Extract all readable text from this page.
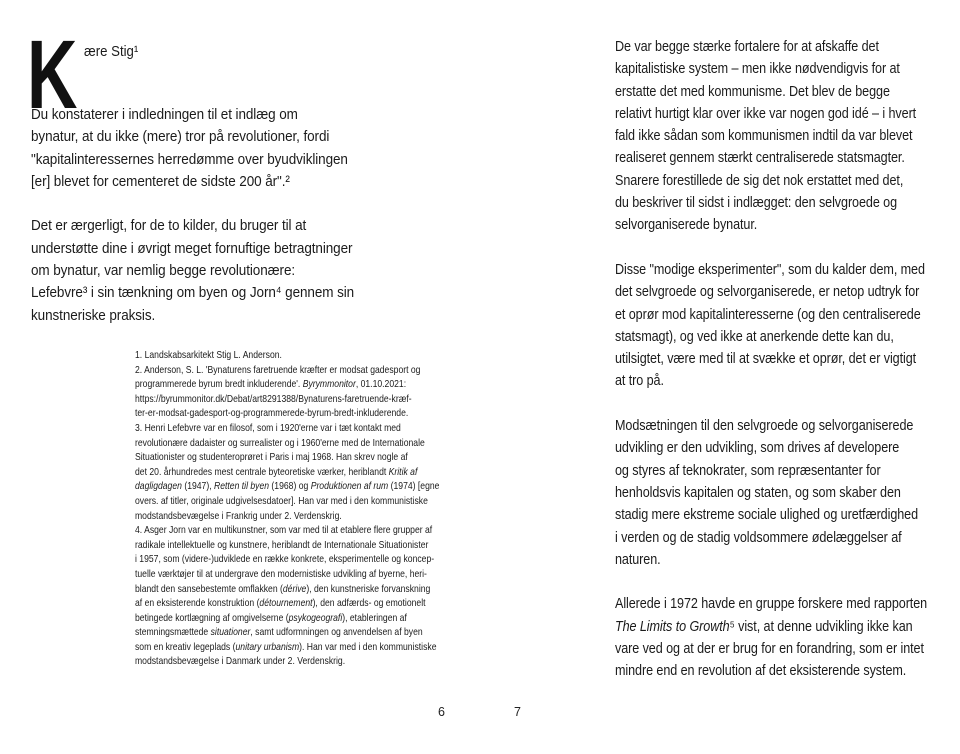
K ære Stig¹
Du konstaterer i indledningen til et indlæg om
bynatur, at du ikke (mere) tror på revolutioner, fordi
"kapitalinteressernes herredømme over byudviklingen
[er] blevet for cementeret de sidste 200 år".²
Det er ærgerligt, for de to kilder, du bruger til at
understøtte dine i øvrigt meget fornuftige betragtninger
om bynatur, var nemlig begge revolutionære:
Lefebvre³ i sin tænkning om byen og Jorn⁴ gennem sin
kunstneriske praksis.
1. Landskabsarkitekt Stig L. Anderson.
2. Anderson, S. L. 'Bynaturens faretruende kræfter er modsat gadesport og
programmerede byrum bredt inkluderende'. Byrymmonitor, 01.10.2021:
https://byrummonitor.dk/Debat/art8291388/Bynaturens-faretruende-kræf-
ter-er-modsat-gadesport-og-programmerede-byrum-bredt-inkluderende.
3. Henri Lefebvre var en filosof, som i 1920'erne var i tæt kontakt med
revolutionære dadaister og surrealister og i 1960'erne med de Internationale
Situationister og studenteroprøret i Paris i maj 1968. Han skrev nogle af
det 20. århundredes mest centrale byteoretiske værker, heriblandt Kritik af
dagligdagen (1947), Retten til byen (1968) og Produktionen af rum (1974) [egne
overs. af titler, originale udgivelsesdatoer]. Han var med i den kommunistiske
modstandsbevægelse i Frankrig under 2. Verdenskrig.
4. Asger Jorn var en multikunstner, som var med til at etablere flere grupper af
radikale intellektuelle og kunstnere, heriblandt de Internationale Situationister
i 1957, som (videre-)udviklede en række konkrete, eksperimentelle og koncep-
tuelle værktøjer til at undergrave den modernistiske udvikling af byerne, heri-
blandt den sansebestemte omflakken (dérive), den kunstneriske forvanskning
af en eksisterende konstruktion (détournement), den adfærds- og emotionelt
betingede kortlægning af omgivelserne (psykogeografi), etableringen af
stemningsmættede situationer, samt udformningen og anvendelsen af byen
som en kreativ legeplads (unitary urbanism). Han var med i den kommunistiske
modstandsbevægelse i Danmark under 2. Verdenskrig.
De var begge stærke fortalere for at afskaffe det
kapitalistiske system – men ikke nødvendigvis for at
erstatte det med kommunisme. Det blev de begge
relativt hurtigt klar over ikke var nogen god idé – i hvert
fald ikke sådan som kommunismen indtil da var blevet
realiseret gennem stærkt centraliserede statsmagter.
Snarere forestillede de sig det nok erstattet med det,
du beskriver til sidst i indlægget: den selvgroede og
selvorganiserede bynatur.
Disse "modige eksperimenter", som du kalder dem, med
det selvgroede og selvorganiserede, er netop udtryk for
et oprør mod kapitalinteresserne (og den centraliserede
statsmagt), og ved ikke at anerkende dette kan du,
utilsigtet, være med til at svække et oprør, det er vigtigt
at tro på.
Modsætningen til den selvgroede og selvorganiserede
udvikling er den udvikling, som drives af developere
og styres af teknokrater, som repræsentanter for
henholdsvis kapitalen og staten, og som skaber den
stadig mere ekstreme sociale ulighed og uretfærdighed
i verden og de stadig voldsommere ødelæggelser af
naturen.
Allerede i 1972 havde en gruppe forskere med rapporten
The Limits to Growth⁵ vist, at denne udvikling ikke kan
vare ved og at der er brug for en forandring, som er intet
mindre end en revolution af det eksisterende system.
6	7
